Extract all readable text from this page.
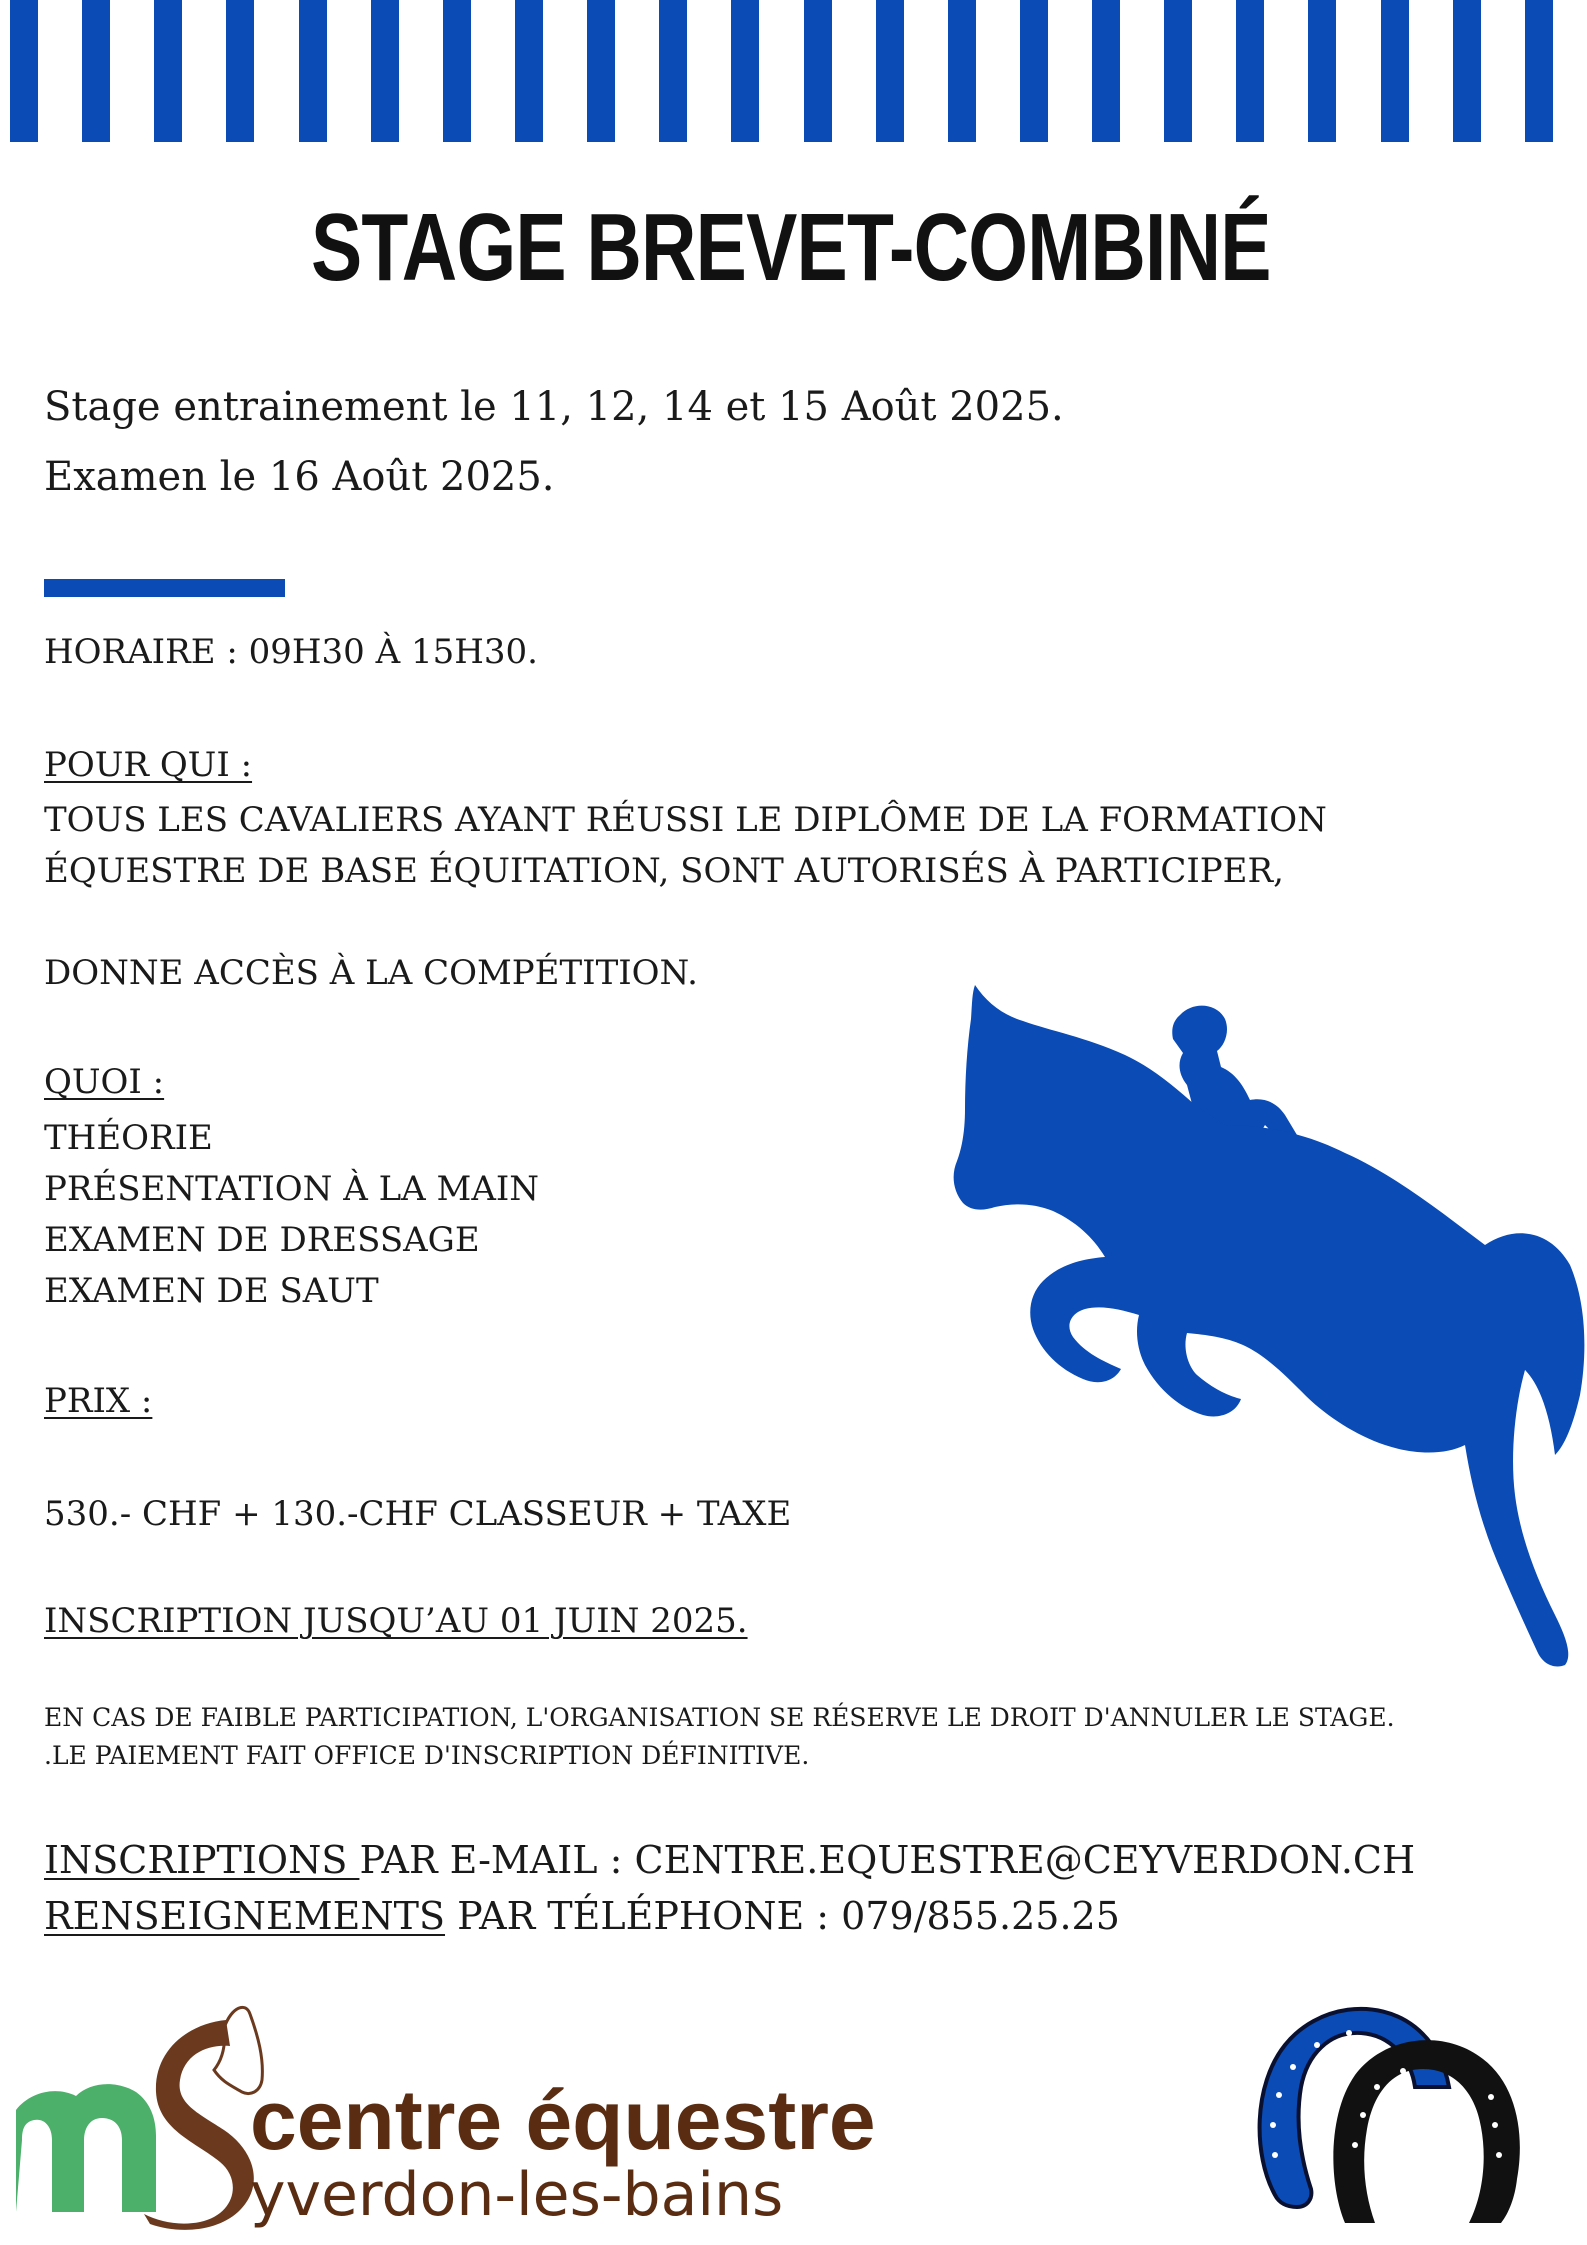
STAGE BREVET-COMBINÉ
Stage entrainement le 11, 12, 14 et 15 Août 2025.
Examen le 16 Août 2025.
HORAIRE : 09H30 À 15H30.
POUR QUI :
TOUS LES CAVALIERS AYANT RÉUSSI LE DIPLÔME DE LA FORMATION
ÉQUESTRE DE BASE ÉQUITATION, SONT AUTORISÉS À PARTICIPER,
DONNE ACCÈS À LA COMPÉTITION.
QUOI :
THÉORIE
PRÉSENTATION À LA MAIN
EXAMEN DE DRESSAGE
EXAMEN DE SAUT
PRIX :
530.- CHF + 130.-CHF CLASSEUR + TAXE
INSCRIPTION JUSQU’AU 01 JUIN 2025.
EN CAS DE FAIBLE PARTICIPATION, L'ORGANISATION SE RÉSERVE LE DROIT D'ANNULER LE STAGE.
.LE PAIEMENT FAIT OFFICE D'INSCRIPTION DÉFINITIVE.
INSCRIPTIONS PAR E-MAIL : CENTRE.EQUESTRE@CEYVERDON.CH
RENSEIGNEMENTS PAR TÉLÉPHONE : 079/855.25.25
centre équestre
yverdon-les-bains
